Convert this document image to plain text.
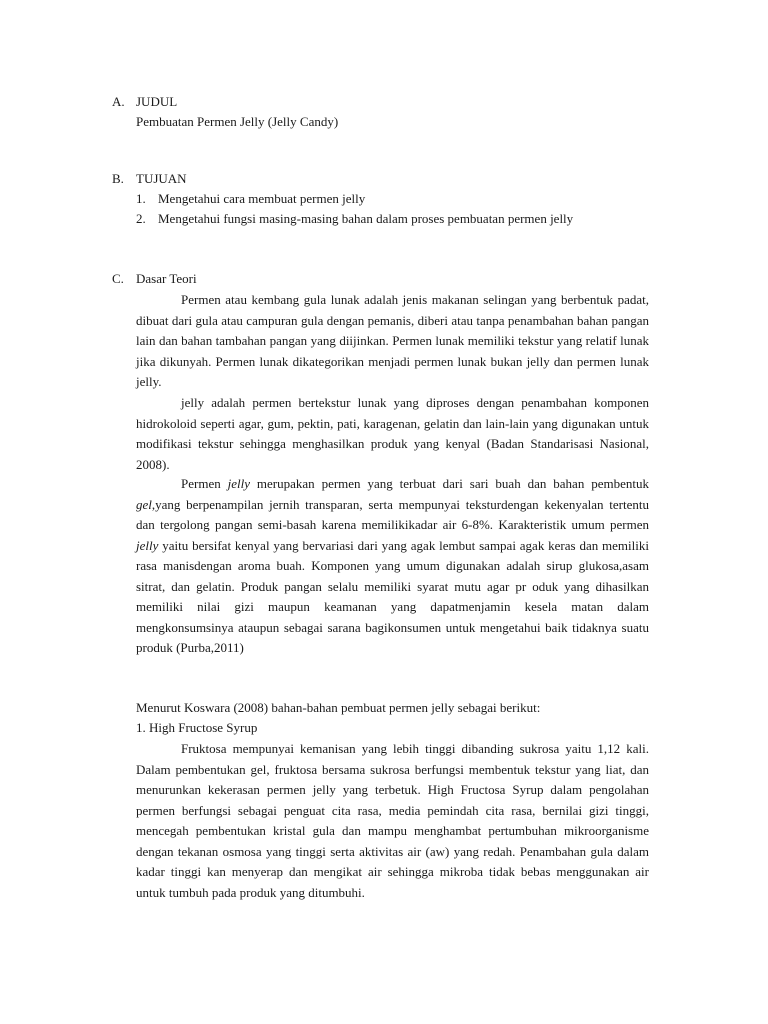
A. JUDUL
Pembuatan Permen Jelly (Jelly Candy)
B. TUJUAN
1. Mengetahui cara membuat permen jelly
2. Mengetahui fungsi masing-masing bahan dalam proses pembuatan permen jelly
C. Dasar Teori

Permen atau kembang gula lunak adalah jenis makanan selingan yang berbentuk padat, dibuat dari gula atau campuran gula dengan pemanis, diberi atau tanpa penambahan bahan pangan lain dan bahan tambahan pangan yang diijinkan. Permen lunak memiliki tekstur yang relatif lunak jika dikunyah. Permen lunak dikategorikan menjadi permen lunak bukan jelly dan permen lunak jelly.

jelly adalah permen bertekstur lunak yang diproses dengan penambahan komponen hidrokoloid seperti agar, gum, pektin, pati, karagenan, gelatin dan lain-lain yang digunakan untuk modifikasi tekstur sehingga menghasilkan produk yang kenyal (Badan Standarisasi Nasional, 2008).

Permen jelly merupakan permen yang terbuat dari sari buah dan bahan pembentuk gel,yang berpenampilan jernih transparan, serta mempunyai teksturdengan kekenyalan tertentu dan tergolong pangan semi-basah karena memilikikadar air 6-8%. Karakteristik umum permen jelly yaitu bersifat kenyal yang bervariasi dari yang agak lembut sampai agak keras dan memiliki rasa manisdengan aroma buah. Komponen yang umum digunakan adalah sirup glukosa,asam sitrat, dan gelatin. Produk pangan selalu memiliki syarat mutu agar pr oduk yang dihasilkan memiliki nilai gizi maupun keamanan yang dapatmenjamin kesela matan dalam mengkonsumsinya ataupun sebagai sarana bagikonsumen untuk mengetahui baik tidaknya suatu produk (Purba,2011)

Menurut Koswara (2008) bahan-bahan pembuat permen jelly sebagai berikut:
1. High Fructose Syrup

Fruktosa mempunyai kemanisan yang lebih tinggi dibanding sukrosa yaitu 1,12 kali. Dalam pembentukan gel, fruktosa bersama sukrosa berfungsi membentuk tekstur yang liat, dan menurunkan kekerasan permen jelly yang terbetuk. High Fructosa Syrup dalam pengolahan permen berfungsi sebagai penguat cita rasa, media pemindah cita rasa, bernilai gizi tinggi, mencegah pembentukan kristal gula dan mampu menghambat pertumbuhan mikroorganisme dengan tekanan osmosa yang tinggi serta aktivitas air (aw) yang redah. Penambahan gula dalam kadar tinggi kan menyerap dan mengikat air sehingga mikroba tidak bebas menggunakan air untuk tumbuh pada produk yang ditumbuhi.
